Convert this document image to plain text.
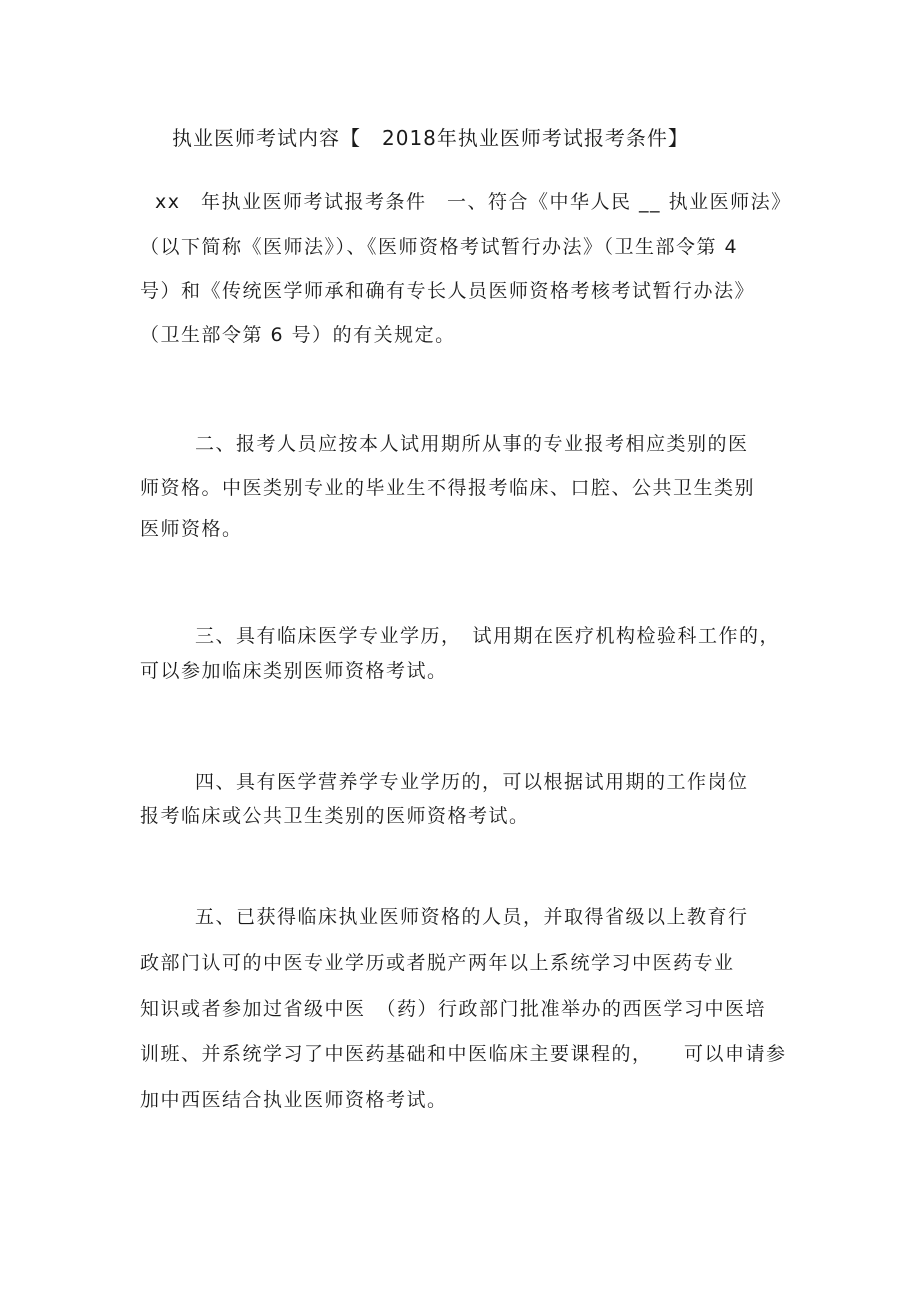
执业医师考试内容【　2018年执业医师考试报考条件】
xx　年执业医师考试报考条件　一、符合《中华人民 __ 执业医师法》
（以下简称《医师法》）、《医师资格考试暂行办法》（卫生部令第 4
号）和《传统医学师承和确有专长人员医师资格考核考试暂行办法》
（卫生部令第 6 号）的有关规定。
二、报考人员应按本人试用期所从事的专业报考相应类别的医
师资格。中医类别专业的毕业生不得报考临床、口腔、公共卫生类别
医师资格。
三、具有临床医学专业学历，　试用期在医疗机构检验科工作的，
可以参加临床类别医师资格考试。
四、具有医学营养学专业学历的，可以根据试用期的工作岗位
报考临床或公共卫生类别的医师资格考试。
五、已获得临床执业医师资格的人员，并取得省级以上教育行
政部门认可的中医专业学历或者脱产两年以上系统学习中医药专业
知识或者参加过省级中医　（药）行政部门批准举办的西医学习中医培
训班、并系统学习了中医药基础和中医临床主要课程的，　　可以申请参
加中西医结合执业医师资格考试。
